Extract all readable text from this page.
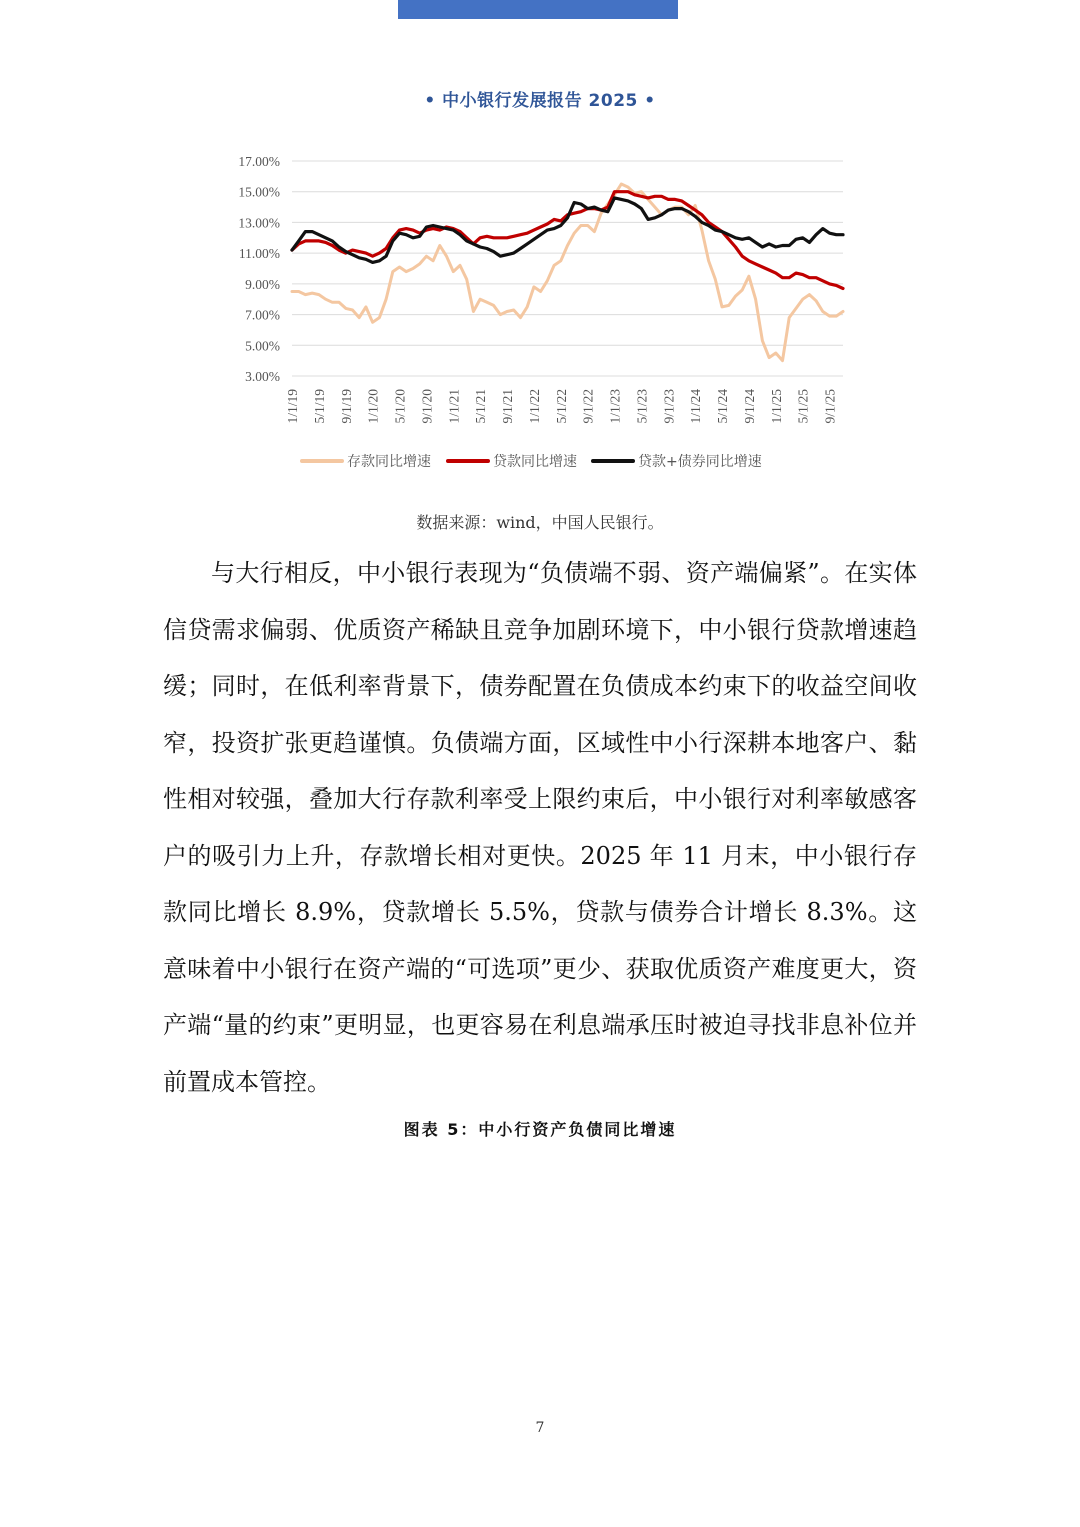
• 中小银行发展报告 2025 •
17.00%
15.00%
13.00%
11.00%
9.00%
7.00%
5.00%
3.00%
1/1/19 5/1/19 9/1/19 1/1/20 5/1/20 9/1/20 1/1/21 5/1/21 9/1/21 1/1/22 5/1/22 9/1/22 1/1/23 5/1/23 9/1/23 1/1/24 5/1/24 9/1/24 1/1/25 5/1/25 9/1/25
存款同比增速	贷款同比增速	贷款+债券同比增速
数据来源：wind，中国人民银行。

与大行相反，中小银行表现为“负债端不弱、资产端偏紧”。在实体信贷需求偏弱、优质资产稀缺且竞争加剧环境下，中小银行贷款增速趋缓；同时，在低利率背景下，债券配置在负债成本约束下的收益空间收窄，投资扩张更趋谨慎。负债端方面，区域性中小行深耕本地客户、黏性相对较强，叠加大行存款利率受上限约束后，中小银行对利率敏感客户的吸引力上升，存款增长相对更快。2025 年 11 月末，中小银行存款同比增长 8.9%，贷款增长 5.5%，贷款与债券合计增长 8.3%。这意味着中小银行在资产端的“可选项”更少、获取优质资产难度更大，资产端“量的约束”更明显，也更容易在利息端承压时被迫寻找非息补位并前置成本管控。

图表 5：中小行资产负债同比增速
7
